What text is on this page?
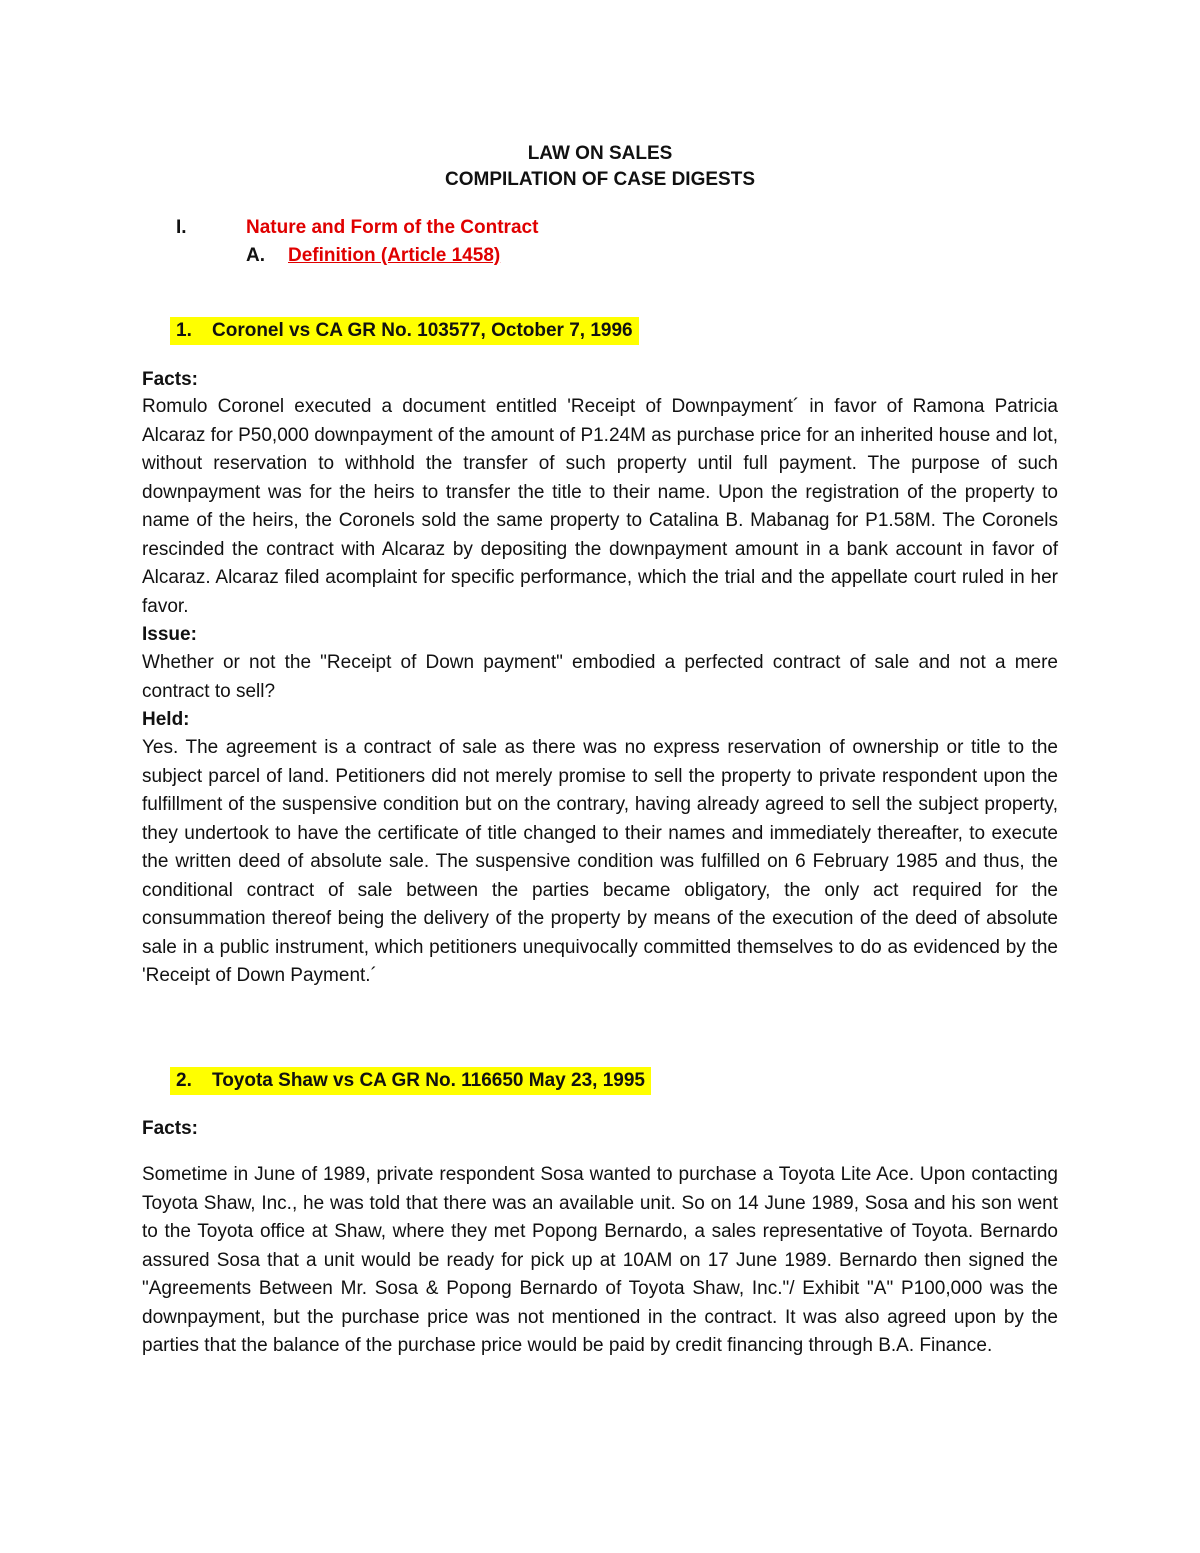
LAW ON SALES
COMPILATION OF CASE DIGESTS
I.	Nature and Form of the Contract
A. Definition (Article 1458)
1. Coronel vs CA GR No. 103577, October 7, 1996
Facts:

Romulo Coronel executed a document entitled 'Receipt of Downpayment´ in favor of Ramona Patricia Alcaraz for P50,000 downpayment of the amount of P1.24M as purchase price for an inherited house and lot, without reservation to withhold the transfer of such property until full payment. The purpose of such downpayment was for the heirs to transfer the title to their name. Upon the registration of the property to name of the heirs, the Coronels sold the same property to Catalina B. Mabanag for P1.58M. The Coronels rescinded the contract with Alcaraz by depositing the downpayment amount in a bank account in favor of Alcaraz. Alcaraz filed acomplaint for specific performance, which the trial and the appellate court ruled in her favor.

Issue:

Whether or not the "Receipt of Down payment" embodied a perfected contract of sale and not a mere contract to sell?

Held:

Yes. The agreement is a contract of sale as there was no express reservation of ownership or title to the subject parcel of land. Petitioners did not merely promise to sell the property to private respondent upon the fulfillment of the suspensive condition but on the contrary, having already agreed to sell the subject property, they undertook to have the certificate of title changed to their names and immediately thereafter, to execute the written deed of absolute sale. The suspensive condition was fulfilled on 6 February 1985 and thus, the conditional contract of sale between the parties became obligatory, the only act required for the consummation thereof being the delivery of the property by means of the execution of the deed of absolute sale in a public instrument, which petitioners unequivocally committed themselves to do as evidenced by the 'Receipt of Down Payment.´

2. Toyota Shaw vs CA GR No. 116650 May 23, 1995
Facts:

Sometime in June of 1989, private respondent Sosa wanted to purchase a Toyota Lite Ace. Upon contacting Toyota Shaw, Inc., he was told that there was an available unit. So on 14 June 1989, Sosa and his son went to the Toyota office at Shaw, where they met Popong Bernardo, a sales representative of Toyota. Bernardo assured Sosa that a unit would be ready for pick up at 10AM on 17 June 1989. Bernardo then signed the "Agreements Between Mr. Sosa & Popong Bernardo of Toyota Shaw, Inc."/ Exhibit "A" P100,000 was the downpayment, but the purchase price was not mentioned in the contract. It was also agreed upon by the parties that the balance of the purchase price would be paid by credit financing through B.A. Finance.
